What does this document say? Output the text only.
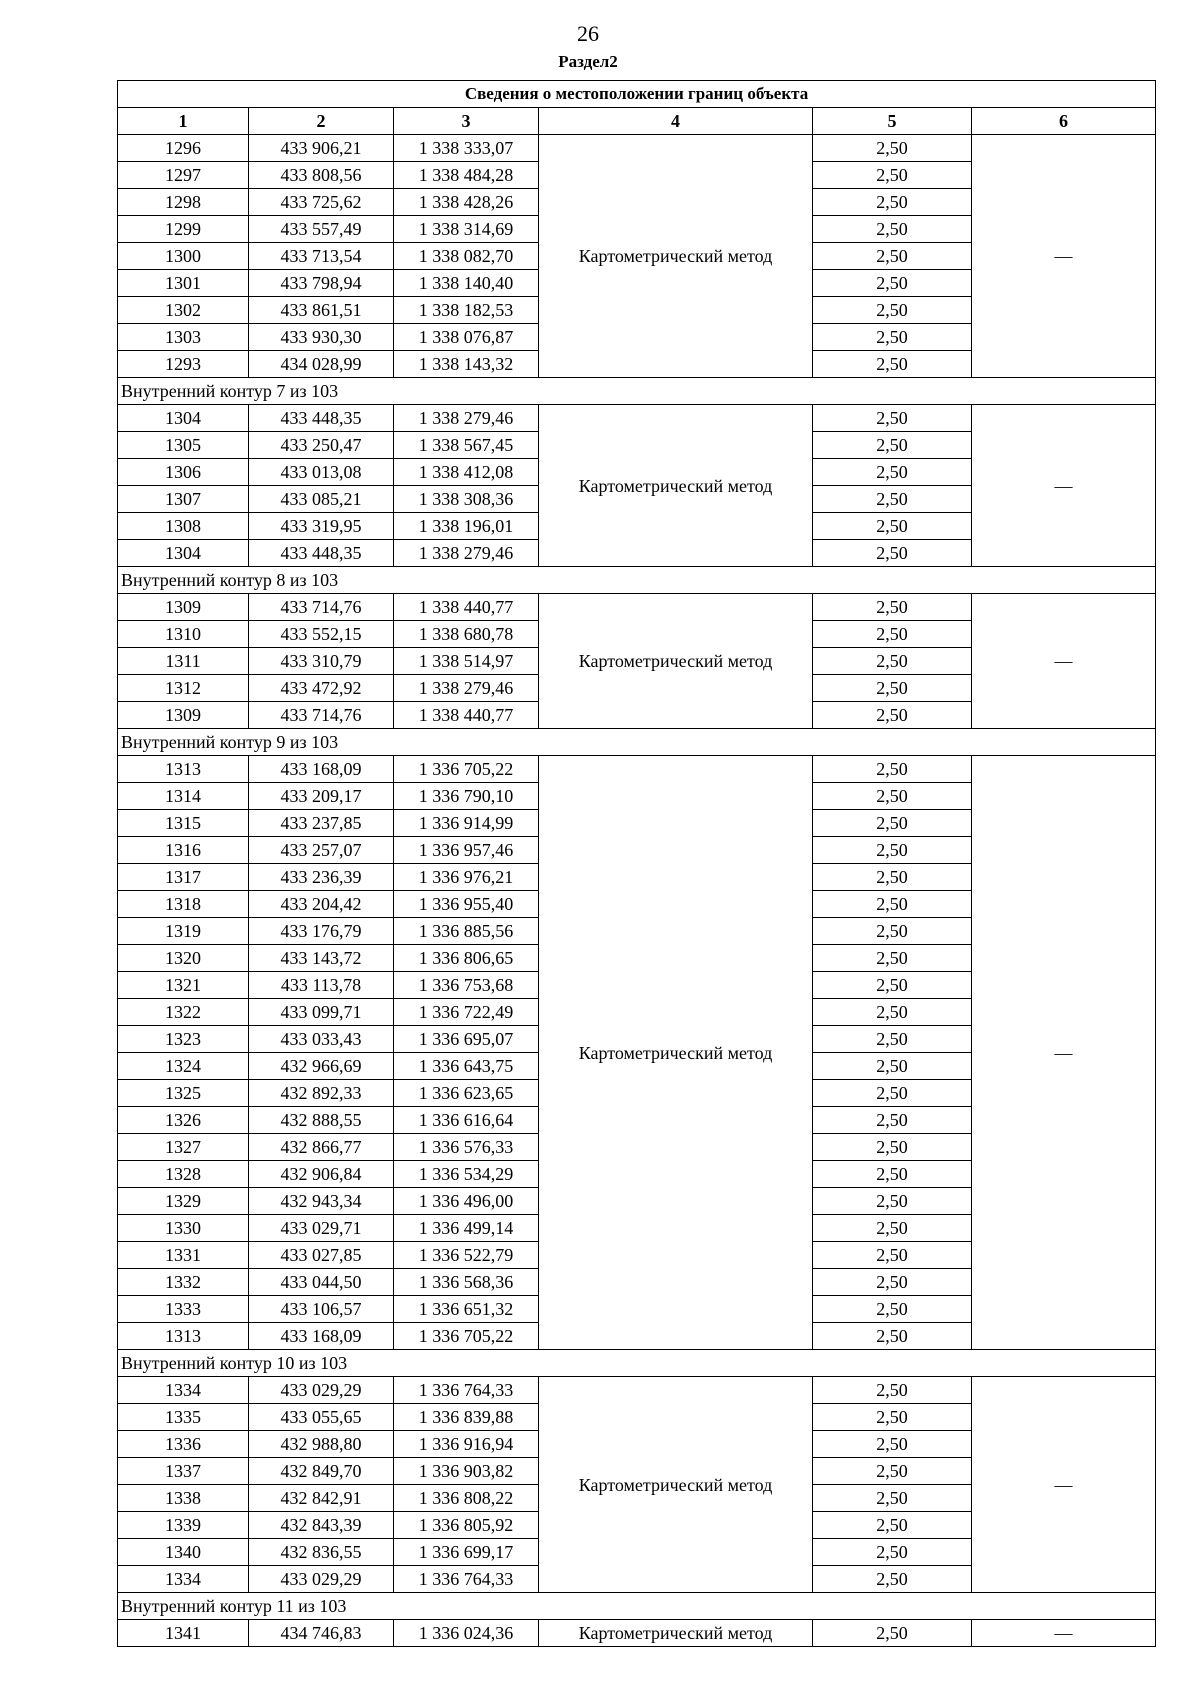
26
Раздел2
Сведения о местоположении границ объекта					
1	2	3	4	5	6
1296	433 906,21	1 338 333,07	Картометрический метод	2,50	—
1297	433 808,56	1 338 484,28		2,50	
1298	433 725,62	1 338 428,26		2,50	
1299	433 557,49	1 338 314,69		2,50	
1300	433 713,54	1 338 082,70		2,50	
1301	433 798,94	1 338 140,40		2,50	
1302	433 861,51	1 338 182,53		2,50	
1303	433 930,30	1 338 076,87		2,50	
1293	434 028,99	1 338 143,32		2,50	
Внутренний контур 7 из 103					
1304	433 448,35	1 338 279,46	Картометрический метод	2,50	—
1305	433 250,47	1 338 567,45		2,50	
1306	433 013,08	1 338 412,08		2,50	
1307	433 085,21	1 338 308,36		2,50	
1308	433 319,95	1 338 196,01		2,50	
1304	433 448,35	1 338 279,46		2,50	
Внутренний контур 8 из 103					
1309	433 714,76	1 338 440,77	Картометрический метод	2,50	—
1310	433 552,15	1 338 680,78		2,50	
1311	433 310,79	1 338 514,97		2,50	
1312	433 472,92	1 338 279,46		2,50	
1309	433 714,76	1 338 440,77		2,50	
Внутренний контур 9 из 103					
1313	433 168,09	1 336 705,22	Картометрический метод	2,50	—
1314	433 209,17	1 336 790,10		2,50	
1315	433 237,85	1 336 914,99		2,50	
1316	433 257,07	1 336 957,46		2,50	
1317	433 236,39	1 336 976,21		2,50	
1318	433 204,42	1 336 955,40		2,50	
1319	433 176,79	1 336 885,56		2,50	
1320	433 143,72	1 336 806,65		2,50	
1321	433 113,78	1 336 753,68		2,50	
1322	433 099,71	1 336 722,49		2,50	
1323	433 033,43	1 336 695,07		2,50	
1324	432 966,69	1 336 643,75		2,50	
1325	432 892,33	1 336 623,65		2,50	
1326	432 888,55	1 336 616,64		2,50	
1327	432 866,77	1 336 576,33		2,50	
1328	432 906,84	1 336 534,29		2,50	
1329	432 943,34	1 336 496,00		2,50	
1330	433 029,71	1 336 499,14		2,50	
1331	433 027,85	1 336 522,79		2,50	
1332	433 044,50	1 336 568,36		2,50	
1333	433 106,57	1 336 651,32		2,50	
1313	433 168,09	1 336 705,22		2,50	
Внутренний контур 10 из 103					
1334	433 029,29	1 336 764,33	Картометрический метод	2,50	—
1335	433 055,65	1 336 839,88		2,50	
1336	432 988,80	1 336 916,94		2,50	
1337	432 849,70	1 336 903,82		2,50	
1338	432 842,91	1 336 808,22		2,50	
1339	432 843,39	1 336 805,92		2,50	
1340	432 836,55	1 336 699,17		2,50	
1334	433 029,29	1 336 764,33		2,50	
Внутренний контур 11 из 103					
1341	434 746,83	1 336 024,36	Картометрический метод	2,50	—
